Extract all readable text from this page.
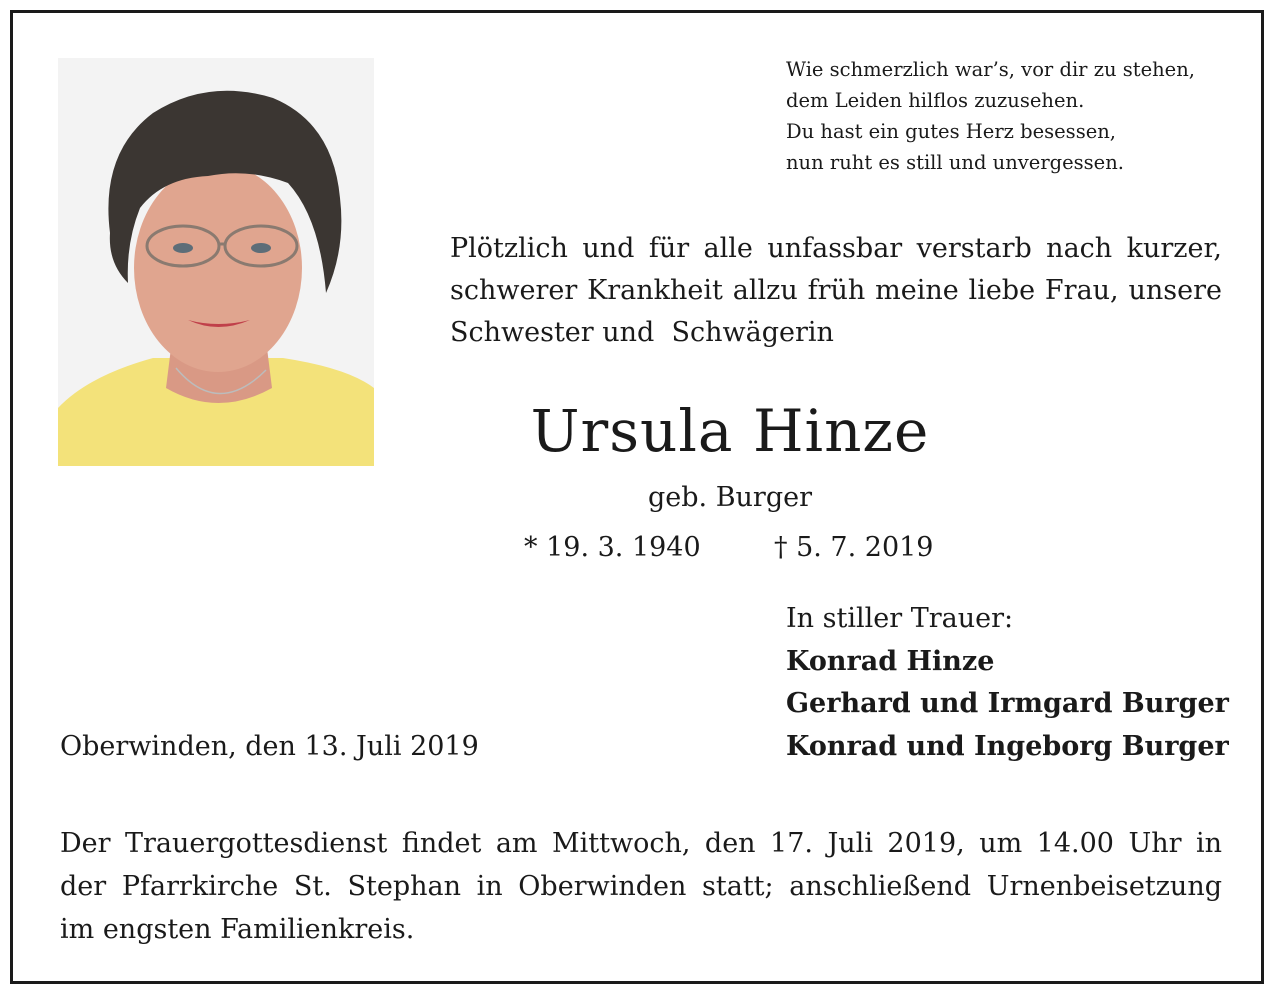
Wie schmerzlich war’s, vor dir zu stehen,
dem Leiden hilflos zuzusehen.
Du hast ein gutes Herz besessen,
nun ruht es still und unvergessen.
Plötzlich und für alle unfassbar verstarb nach kurzer,
schwerer Krankheit allzu früh meine liebe Frau, unsere
Schwester und  Schwägerin
Ursula Hinze
geb. Burger
* 19. 3. 1940	† 5. 7. 2019
In stiller Trauer:
Konrad Hinze
Gerhard und Irmgard Burger
Konrad und Ingeborg Burger
Oberwinden, den 13. Juli 2019
Der Trauergottesdienst findet am Mittwoch, den 17. Juli 2019, um 14.00 Uhr in
der Pfarrkirche St. Stephan in Oberwinden statt; anschließend Urnenbeisetzung
im engsten Familienkreis.
